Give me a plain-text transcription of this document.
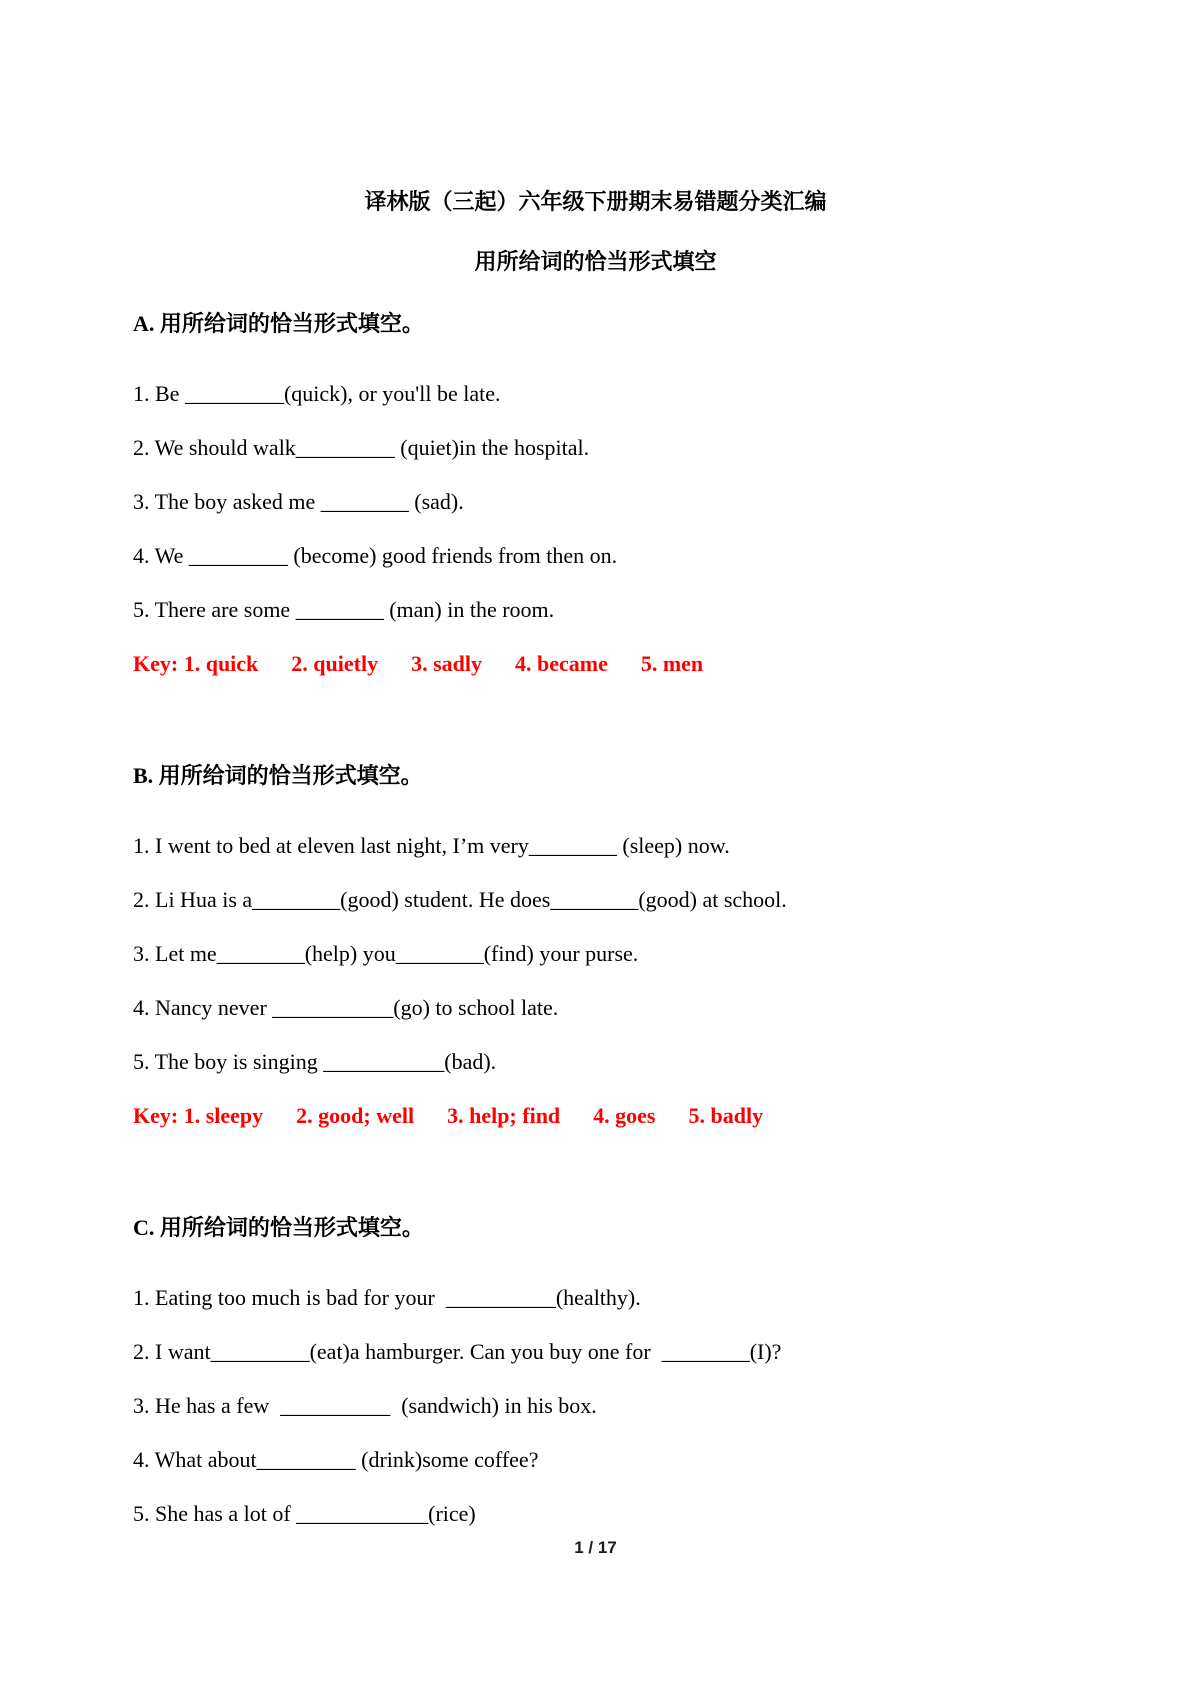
译林版（三起）六年级下册期末易错题分类汇编

用所给词的恰当形式填空

A. 用所给词的恰当形式填空。

1. Be _________(quick), or you'll be late.

2. We should walk_________ (quiet)in the hospital.

3. The boy asked me ________ (sad).

4. We _________ (become) good friends from then on.

5. There are some ________ (man) in the room.

Key: 1. quick      2. quietly      3. sadly      4. became      5. men

B. 用所给词的恰当形式填空。

1. I went to bed at eleven last night, I’m very________ (sleep) now.

2. Li Hua is a________(good) student. He does________(good) at school.

3. Let me________(help) you________(find) your purse.

4. Nancy never ___________(go) to school late.

5. The boy is singing ___________(bad).

Key: 1. sleepy      2. good; well      3. help; find      4. goes      5. badly

C. 用所给词的恰当形式填空。

1. Eating too much is bad for your  __________(healthy).

2. I want_________(eat)a hamburger. Can you buy one for  ________(I)?

3. He has a few  __________  (sandwich) in his box.

4. What about_________ (drink)some coffee?

5. She has a lot of ____________(rice)

1 / 17
